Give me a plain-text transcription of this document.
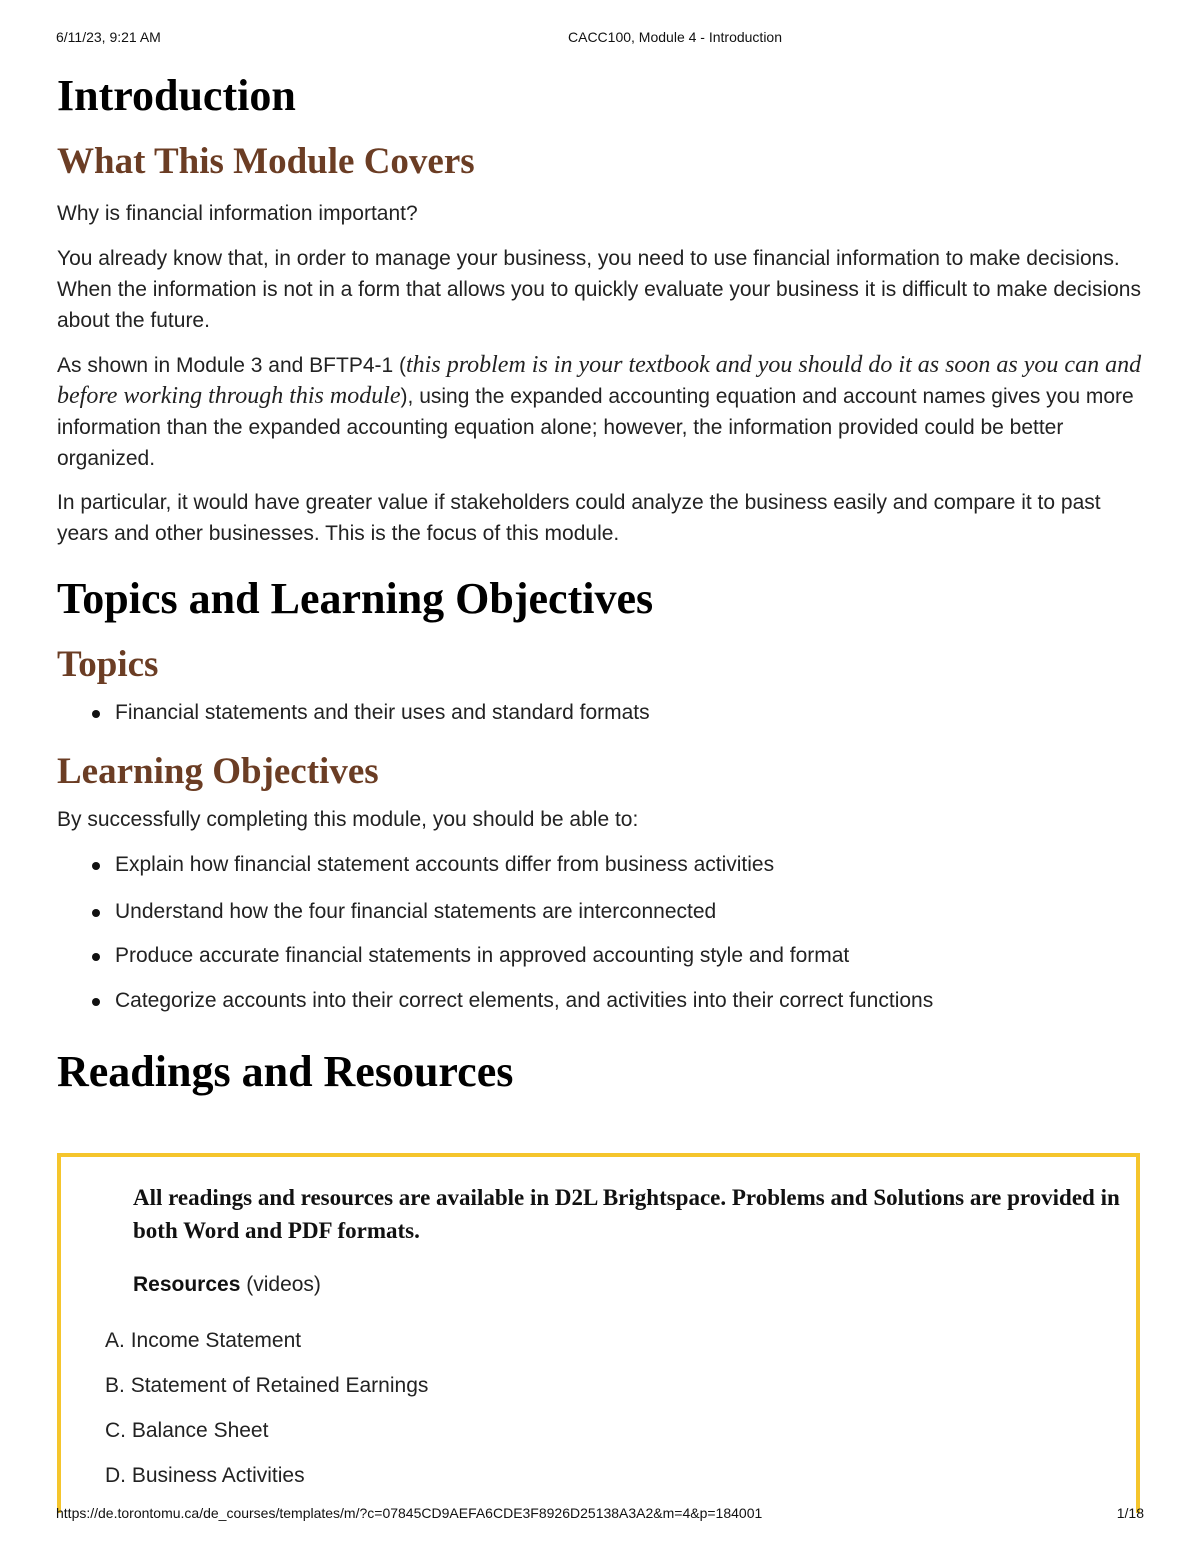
6/11/23, 9:21 AM	CACC100, Module 4 - Introduction
Introduction
What This Module Covers

Why is financial information important?

You already know that, in order to manage your business, you need to use financial information to make decisions. When the information is not in a form that allows you to quickly evaluate your business it is difficult to make decisions about the future.

As shown in Module 3 and BFTP4-1 (this problem is in your textbook and you should do it as soon as you can and before working through this module), using the expanded accounting equation and account names gives you more information than the expanded accounting equation alone; however, the information provided could be better organized.

In particular, it would have greater value if stakeholders could analyze the business easily and compare it to past years and other businesses. This is the focus of this module.

Topics and Learning Objectives
Topics
Financial statements and their uses and standard formats
Learning Objectives

By successfully completing this module, you should be able to:

Explain how financial statement accounts differ from business activities
Understand how the four financial statements are interconnected
Produce accurate financial statements in approved accounting style and format
Categorize accounts into their correct elements, and activities into their correct functions
Readings and Resources
All readings and resources are available in D2L Brightspace. Problems and Solutions are provided in both Word and PDF formats.
Resources (videos)
A. Income Statement
B. Statement of Retained Earnings
C. Balance Sheet
D. Business Activities
https://de.torontomu.ca/de_courses/templates/m/?c=07845CD9AEFA6CDE3F8926D25138A3A2&m=4&p=184001	1/18
